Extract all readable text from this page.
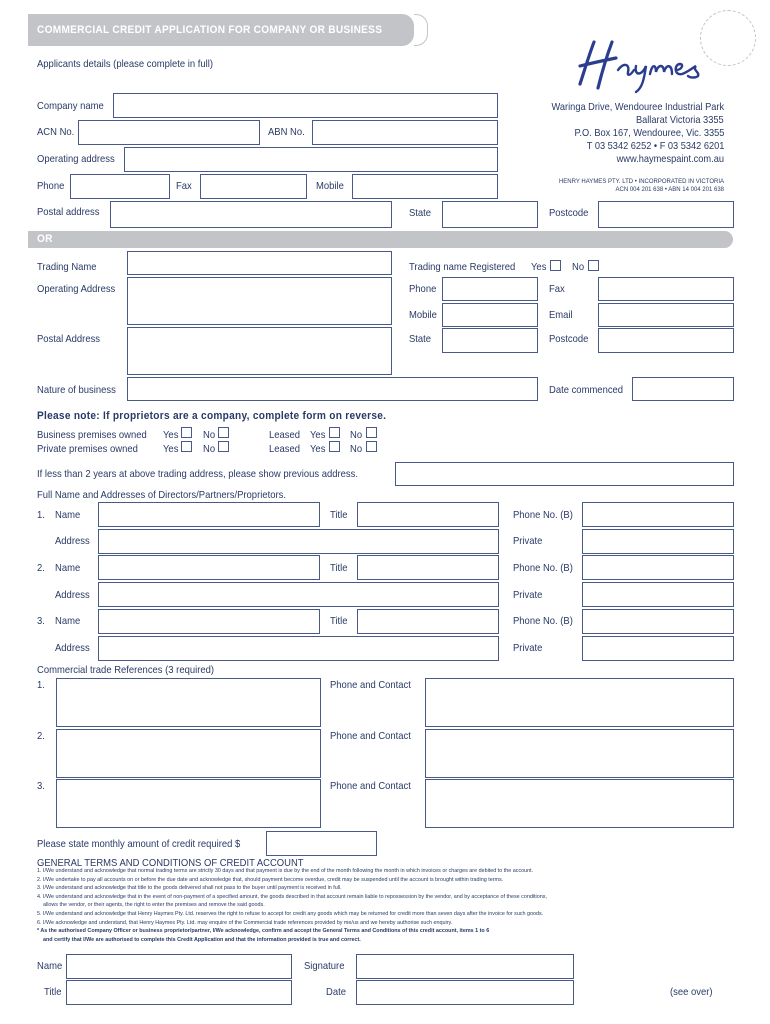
COMMERCIAL CREDIT APPLICATION FOR COMPANY OR BUSINESS
Applicants details (please complete in full)
Waringa Drive, Wendouree Industrial Park
Ballarat Victoria 3355
P.O. Box 167, Wendouree, Vic. 3355
T 03 5342 6252 • F 03 5342 6201
www.haymespaint.com.au
HENRY HAYMES PTY. LTD • INCORPORATED IN VICTORIA
ACN 004 201 638 • ABN 14 004 201 638
Company name
ACN No.	ABN No.
Operating address
Phone	Fax	Mobile
Postal address	State	Postcode
OR
Trading Name	Trading name Registered Yes No
Operating Address	Phone	Fax
Mobile	Email
Postal Address	State	Postcode
Nature of business	Date commenced
Please note: If proprietors are a company, complete form on reverse.
Business premises owned Yes No	Leased Yes No
Private premises owned Yes No	Leased Yes No
If less than 2 years at above trading address, please show previous address.
Full Name and Addresses of Directors/Partners/Proprietors.
1. Name	Title	Phone No. (B)
Address	Private
2. Name	Title	Phone No. (B)
Address	Private
3. Name	Title	Phone No. (B)
Address	Private
Commercial trade References (3 required)
1.	Phone and Contact
2.	Phone and Contact
3.	Phone and Contact
Please state monthly amount of credit required $
GENERAL TERMS AND CONDITIONS OF CREDIT ACCOUNT
1. I/We understand and acknowledge that normal trading terms are strictly 30 days and that payment is due by the end of the month following the month in which invoices or charges are debited to the account.
2. I/We undertake to pay all accounts on or before the due date and acknowledge that, should payment become overdue, credit may be suspended until the account is brought within trading terms.
3. I/We understand and acknowledge that title to the goods delivered shall not pass to the buyer until payment is received in full.
4. I/We understand and acknowledge that in the event of non-payment of a specified amount, the goods described in that account remain liable to repossession by the vendor, and by acceptance of these conditions,
allows the vendor, or their agents, the right to enter the premises and remove the said goods.
5. I/We understand and acknowledge that Henry Haymes Pty. Ltd. reserves the right to refuse to accept for credit any goods which may be returned for credit more than seven days after the invoice for such goods.
6. I/We acknowledge and understand, that Henry Haymes Pty. Ltd. may enquire of the Commercial trade references provided by me/us and we hereby authorise such enquiry.
* As the authorised Company Officer or business proprietor/partner, I/We acknowledge, confirm and accept the General Terms and Conditions of this credit account, items 1 to 6
and certify that I/We are authorised to complete this Credit Application and that the information provided is true and correct.
Name	Signature
Title	Date	(see over)
